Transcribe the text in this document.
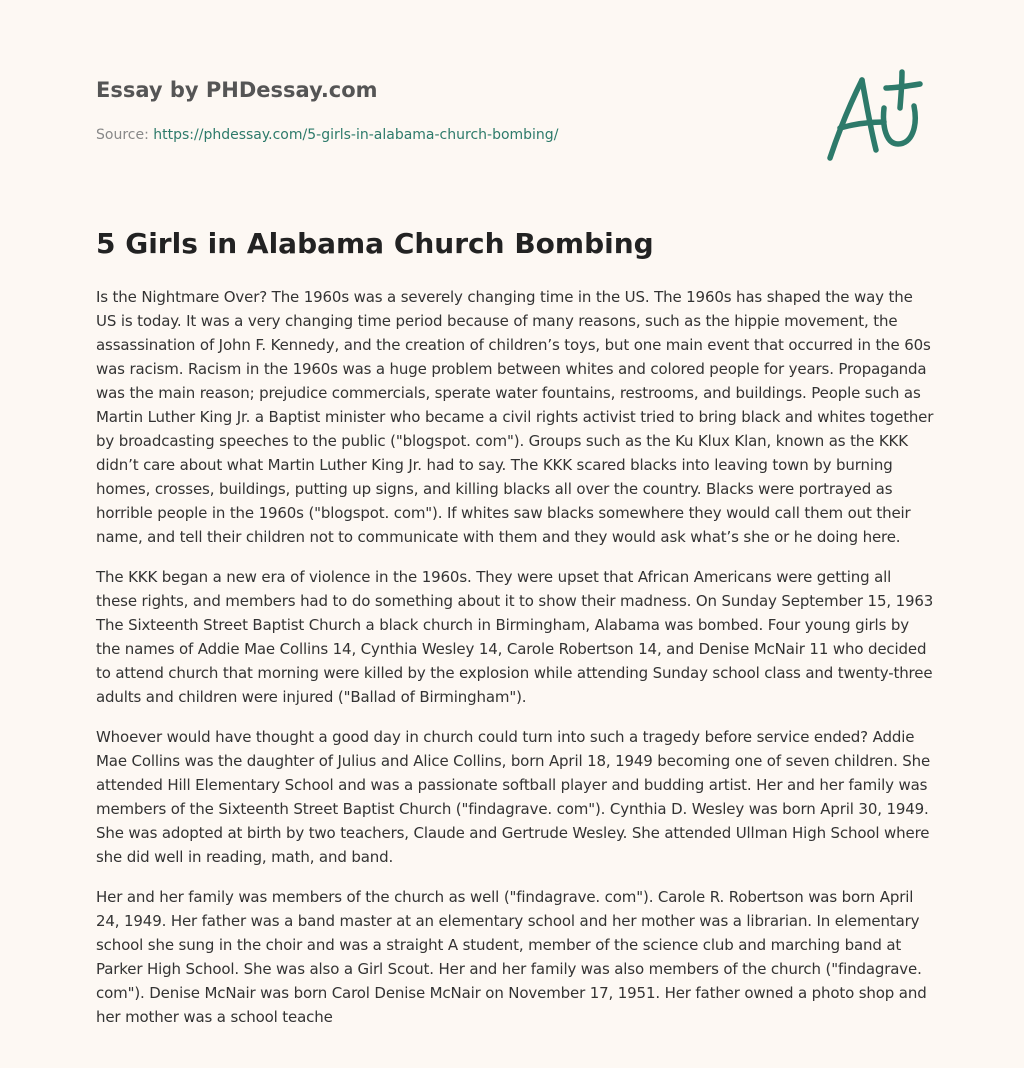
Essay by PHDessay.com
Source: https://phdessay.com/5-girls-in-alabama-church-bombing/
5 Girls in Alabama Church Bombing

Is the Nightmare Over? The 1960s was a severely changing time in the US. The 1960s has shaped the way the US is today. It was a very changing time period because of many reasons, such as the hippie movement, the assassination of John F. Kennedy, and the creation of children’s toys, but one main event that occurred in the 60s was racism. Racism in the 1960s was a huge problem between whites and colored people for years. Propaganda was the main reason; prejudice commercials, sperate water fountains, restrooms, and buildings. People such as Martin Luther King Jr. a Baptist minister who became a civil rights activist tried to bring black and whites together by broadcasting speeches to the public ("blogspot. com"). Groups such as the Ku Klux Klan, known as the KKK didn’t care about what Martin Luther King Jr. had to say. The KKK scared blacks into leaving town by burning homes, crosses, buildings, putting up signs, and killing blacks all over the country. Blacks were portrayed as horrible people in the 1960s ("blogspot. com"). If whites saw blacks somewhere they would call them out their name, and tell their children not to communicate with them and they would ask what’s she or he doing here.

The KKK began a new era of violence in the 1960s. They were upset that African Americans were getting all these rights, and members had to do something about it to show their madness. On Sunday September 15, 1963 The Sixteenth Street Baptist Church a black church in Birmingham, Alabama was bombed. Four young girls by the names of Addie Mae Collins 14, Cynthia Wesley 14, Carole Robertson 14, and Denise McNair 11 who decided to attend church that morning were killed by the explosion while attending Sunday school class and twenty-three adults and children were injured ("Ballad of Birmingham").

Whoever would have thought a good day in church could turn into such a tragedy before service ended? Addie Mae Collins was the daughter of Julius and Alice Collins, born April 18, 1949 becoming one of seven children. She attended Hill Elementary School and was a passionate softball player and budding artist. Her and her family was members of the Sixteenth Street Baptist Church ("findagrave. com"). Cynthia D. Wesley was born April 30, 1949. She was adopted at birth by two teachers, Claude and Gertrude Wesley. She attended Ullman High School where she did well in reading, math, and band.

Her and her family was members of the church as well ("findagrave. com"). Carole R. Robertson was born April 24, 1949. Her father was a band master at an elementary school and her mother was a librarian. In elementary school she sung in the choir and was a straight A student, member of the science club and marching band at Parker High School. She was also a Girl Scout. Her and her family was also members of the church ("findagrave. com"). Denise McNair was born Carol Denise McNair on November 17, 1951. Her father owned a photo shop and her mother was a school teache
